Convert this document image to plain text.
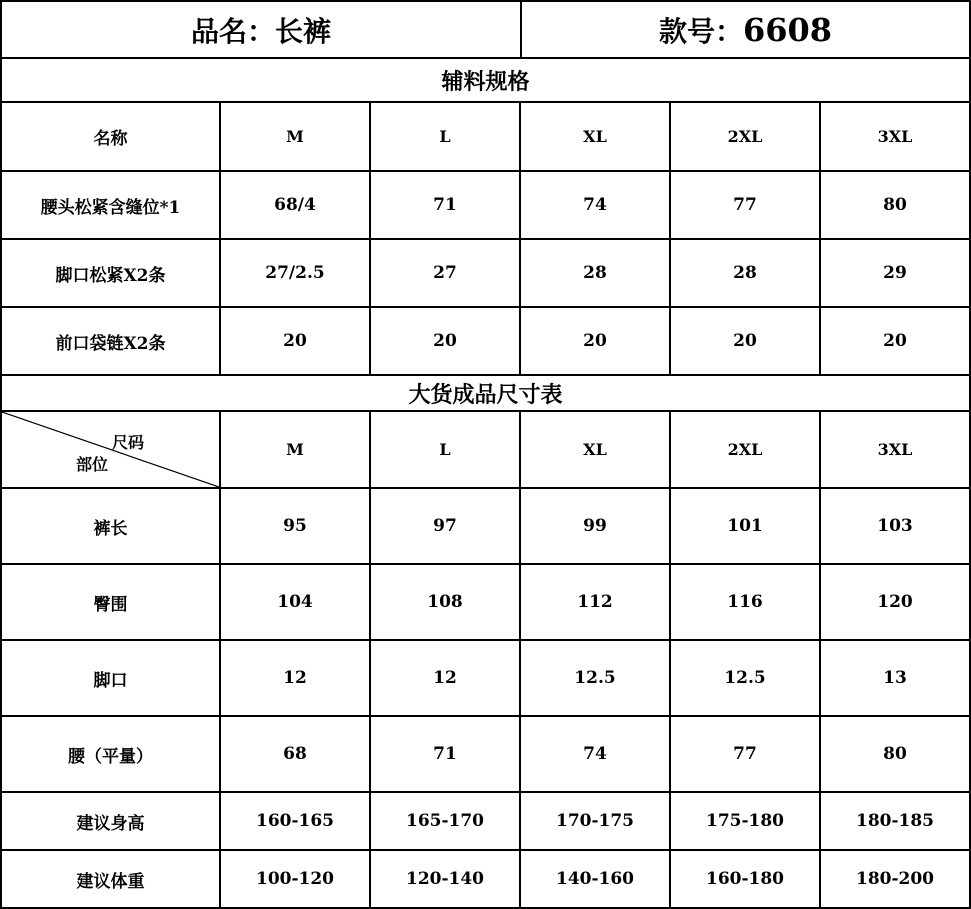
品名：长裤	款号： 6608
辅料规格
名称	M	L	XL	2XL	3XL
腰头松紧含缝位*1	68/4	71	74	77	80
脚口松紧X2条	27/2.5	27	28	28	29
前口袋链X2条	20	20	20	20	20
大货成品尺寸表
尺码
部位
M	L	XL	2XL	3XL
裤长	95	97	99	101	103
臀围	104	108	112	116	120
脚口	12	12	12.5	12.5	13
腰（平量）	68	71	74	77	80
建议身高	160-165	165-170	170-175	175-180	180-185
建议体重	100-120	120-140	140-160	160-180	180-200
